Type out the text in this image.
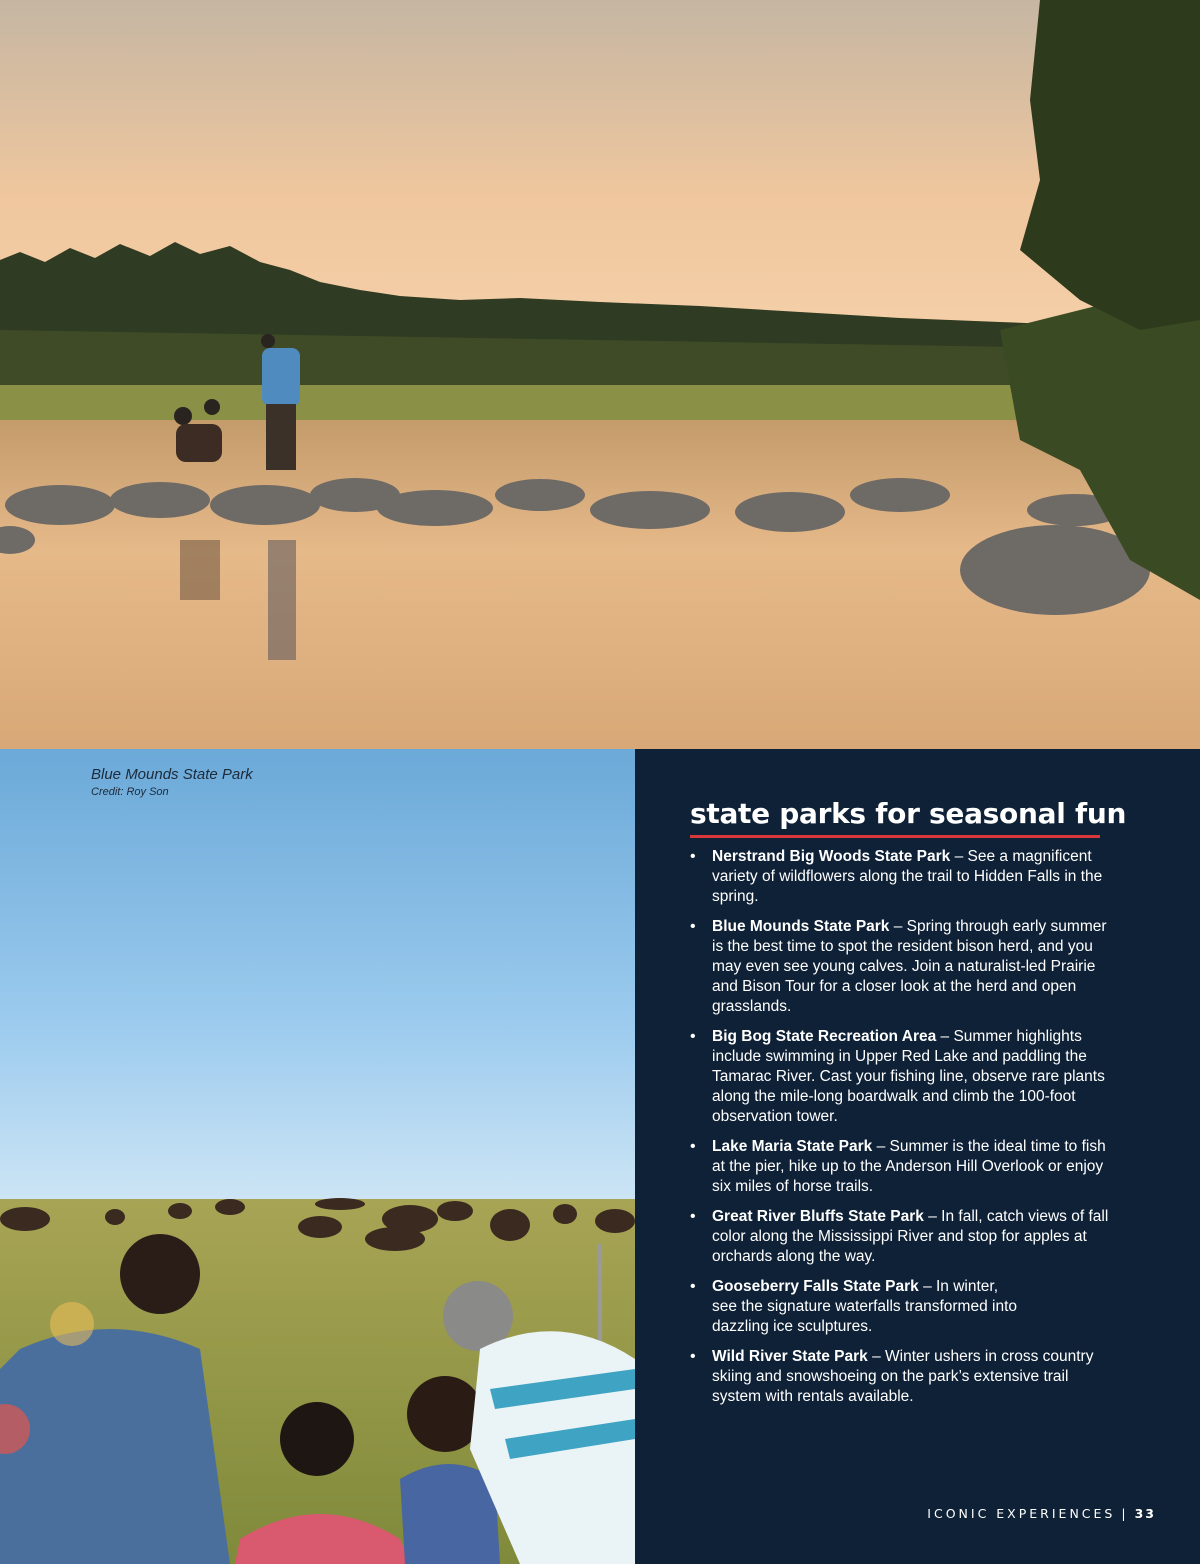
Blue Mounds State Park
Credit: Roy Son
state parks for seasonal fun
• Nerstrand Big Woods State Park – See a magnificent variety of wildflowers along the trail to Hidden Falls in the spring.
• Blue Mounds State Park – Spring through early summer is the best time to spot the resident bison herd, and you may even see young calves. Join a naturalist-led Prairie and Bison Tour for a closer look at the herd and open grasslands.
• Big Bog State Recreation Area – Summer highlights include swimming in Upper Red Lake and paddling the Tamarac River. Cast your fishing line, observe rare plants along the mile-long boardwalk and climb the 100-foot observation tower.
• Lake Maria State Park – Summer is the ideal time to fish at the pier, hike up to the Anderson Hill Overlook or enjoy six miles of horse trails.
• Great River Bluffs State Park – In fall, catch views of fall color along the Mississippi River and stop for apples at orchards along the way.
• Gooseberry Falls State Park – In winter, see the signature waterfalls transformed into dazzling ice sculptures.
• Wild River State Park – Winter ushers in cross country skiing and snowshoeing on the park’s extensive trail system with rentals available.
ICONIC EXPERIENCES | 33
